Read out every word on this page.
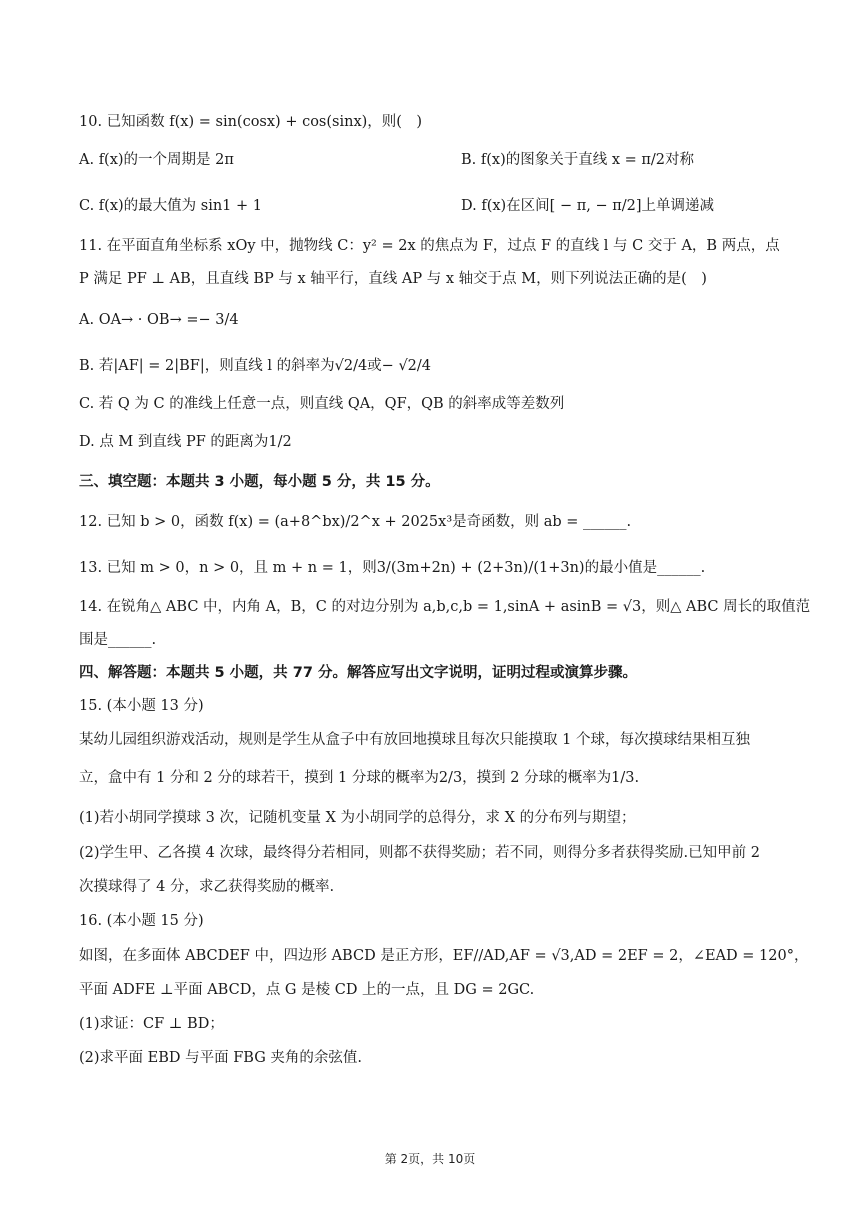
10. 已知函数 f(x) = sin(cosx) + cos(sinx)，则(　)
A. f(x)的一个周期是 2π	B. f(x)的图象关于直线 x = π/2对称
C. f(x)的最大值为 sin1 + 1	D. f(x)在区间[ − π, − π/2]上单调递减
11. 在平面直角坐标系 xOy 中，抛物线 C：y² = 2x 的焦点为 F，过点 F 的直线 l 与 C 交于 A，B 两点，点
P 满足 PF ⊥ AB，且直线 BP 与 x 轴平行，直线 AP 与 x 轴交于点 M，则下列说法正确的是(　)
A. OA→ · OB→ =− 3/4
B. 若|AF| = 2|BF|，则直线 l 的斜率为√2/4或− √2/4
C. 若 Q 为 C 的准线上任意一点，则直线 QA，QF，QB 的斜率成等差数列
D. 点 M 到直线 PF 的距离为1/2
三、填空题：本题共 3 小题，每小题 5 分，共 15 分。
12. 已知 b > 0，函数 f(x) = (a+8^bx)/2^x + 2025x³是奇函数，则 ab = ______.
13. 已知 m > 0，n > 0，且 m + n = 1，则3/(3m+2n) + (2+3n)/(1+3n)的最小值是______.
14. 在锐角△ ABC 中，内角 A，B，C 的对边分别为 a,b,c,b = 1,sinA + asinB = √3，则△ ABC 周长的取值范
围是______.
四、解答题：本题共 5 小题，共 77 分。解答应写出文字说明，证明过程或演算步骤。
15. (本小题 13 分)
某幼儿园组织游戏活动，规则是学生从盒子中有放回地摸球且每次只能摸取 1 个球，每次摸球结果相互独
立，盒中有 1 分和 2 分的球若干，摸到 1 分球的概率为2/3，摸到 2 分球的概率为1/3.
(1)若小胡同学摸球 3 次，记随机变量 X 为小胡同学的总得分，求 X 的分布列与期望；
(2)学生甲、乙各摸 4 次球，最终得分若相同，则都不获得奖励；若不同，则得分多者获得奖励.已知甲前 2
次摸球得了 4 分，求乙获得奖励的概率.
16. (本小题 15 分)
如图，在多面体 ABCDEF 中，四边形 ABCD 是正方形，EF//AD,AF = √3,AD = 2EF = 2，∠EAD = 120°，
平面 ADFE ⊥平面 ABCD，点 G 是棱 CD 上的一点，且 DG = 2GC.
(1)求证：CF ⊥ BD；
(2)求平面 EBD 与平面 FBG 夹角的余弦值.
第 2页，共 10页
